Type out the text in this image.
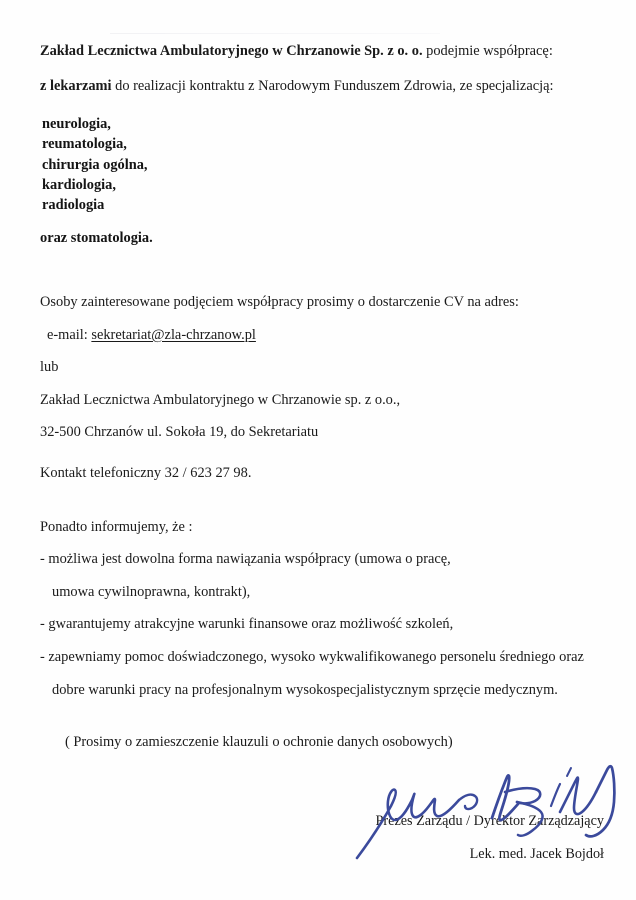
Zakład Lecznictwa Ambulatoryjnego w Chrzanowie Sp. z o. o. podejmie współpracę:

z lekarzami do realizacji kontraktu z Narodowym Funduszem Zdrowia, ze specjalizacją:

neurologia,
reumatologia,
chirurgia ogólna,
kardiologia,
radiologia

oraz stomatologia.

Osoby zainteresowane podjęciem współpracy prosimy o dostarczenie CV na adres:

e-mail: sekretariat@zla-chrzanow.pl

lub

Zakład Lecznictwa Ambulatoryjnego w Chrzanowie sp. z o.o.,

32-500 Chrzanów ul. Sokoła 19, do Sekretariatu

Kontakt telefoniczny 32 / 623 27 98.

Ponadto informujemy, że :

- możliwa jest dowolna forma nawiązania współpracy (umowa o pracę,

umowa cywilnoprawna, kontrakt),

- gwarantujemy atrakcyjne warunki finansowe oraz możliwość szkoleń,

- zapewniamy pomoc doświadczonego, wysoko wykwalifikowanego personelu średniego oraz

dobre warunki pracy na profesjonalnym wysokospecjalistycznym sprzęcie medycznym.

( Prosimy o zamieszczenie klauzuli o ochronie danych osobowych)

Prezes Zarządu / Dyrektor Zarządzający

Lek. med. Jacek Bojdoł
